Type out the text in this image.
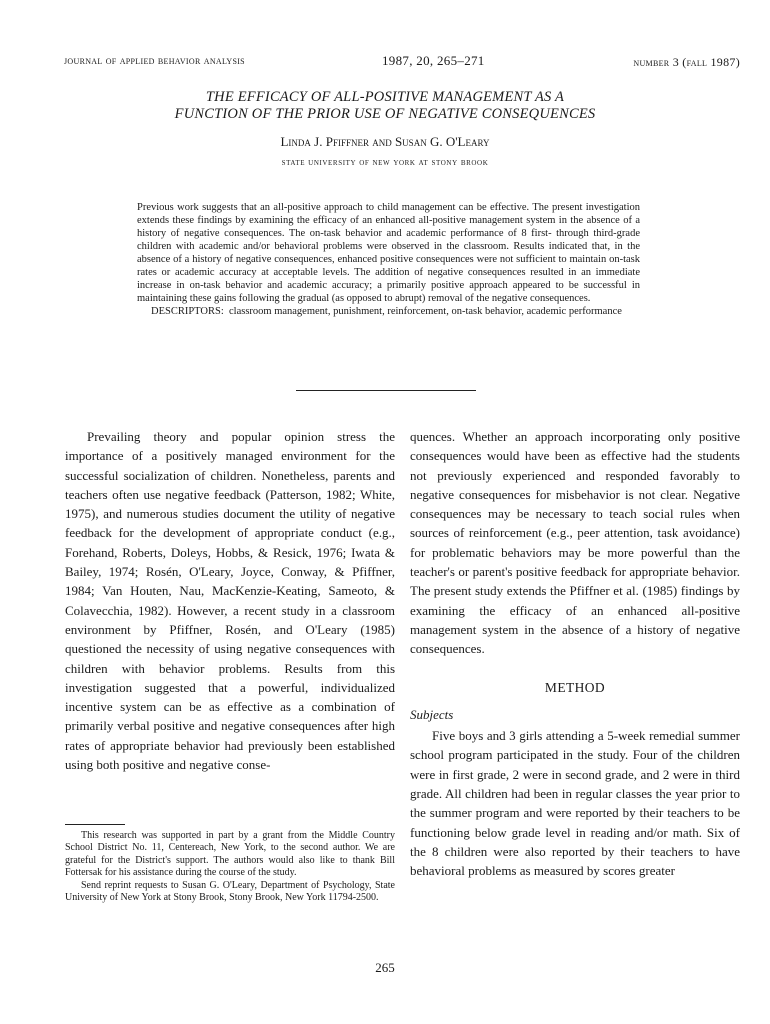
journal of applied behavior analysis	1987, 20, 265–271	number 3 (fall 1987)
THE EFFICACY OF ALL-POSITIVE MANAGEMENT AS A
FUNCTION OF THE PRIOR USE OF NEGATIVE CONSEQUENCES
Linda J. Pfiffner and Susan G. O'Leary
state university of new york at stony brook

Previous work suggests that an all-positive approach to child management can be effective. The present investigation extends these findings by examining the efficacy of an enhanced all-positive management system in the absence of a history of negative consequences. The on-task behavior and academic performance of 8 first- through third-grade children with academic and/or behavioral problems were observed in the classroom. Results indicated that, in the absence of a history of negative consequences, enhanced positive consequences were not sufficient to maintain on-task rates or academic accuracy at acceptable levels. The addition of negative consequences resulted in an immediate increase in on-task behavior and academic accuracy; a primarily positive approach appeared to be successful in maintaining these gains following the gradual (as opposed to abrupt) removal of the negative consequences.

DESCRIPTORS: classroom management, punishment, reinforcement, on-task behavior, academic performance

Prevailing theory and popular opinion stress the importance of a positively managed environment for the successful socialization of children. Nonetheless, parents and teachers often use negative feedback (Patterson, 1982; White, 1975), and numerous studies document the utility of negative feedback for the development of appropriate conduct (e.g., Forehand, Roberts, Doleys, Hobbs, & Resick, 1976; Iwata & Bailey, 1974; Rosén, O'Leary, Joyce, Conway, & Pfiffner, 1984; Van Houten, Nau, MacKenzie-Keating, Sameoto, & Colavecchia, 1982). However, a recent study in a classroom environment by Pfiffner, Rosén, and O'Leary (1985) questioned the necessity of using negative consequences with children with behavior problems. Results from this investigation suggested that a powerful, individualized incentive system can be as effective as a combination of primarily verbal positive and negative consequences after high rates of appropriate behavior had previously been established using both positive and negative conse-

quences. Whether an approach incorporating only positive consequences would have been as effective had the students not previously experienced and responded favorably to negative consequences for misbehavior is not clear. Negative consequences may be necessary to teach social rules when sources of reinforcement (e.g., peer attention, task avoidance) for problematic behaviors may be more powerful than the teacher's or parent's positive feedback for appropriate behavior. The present study extends the Pfiffner et al. (1985) findings by examining the efficacy of an enhanced all-positive management system in the absence of a history of negative consequences.

METHOD

Subjects

Five boys and 3 girls attending a 5-week remedial summer school program participated in the study. Four of the children were in first grade, 2 were in second grade, and 2 were in third grade. All children had been in regular classes the year prior to the summer program and were reported by their teachers to be functioning below grade level in reading and/or math. Six of the 8 children were also reported by their teachers to have behavioral problems as measured by scores greater

This research was supported in part by a grant from the Middle Country School District No. 11, Centereach, New York, to the second author. We are grateful for the District's support. The authors would also like to thank Bill Fottersak for his assistance during the course of the study.

Send reprint requests to Susan G. O'Leary, Department of Psychology, State University of New York at Stony Brook, Stony Brook, New York 11794-2500.

265
